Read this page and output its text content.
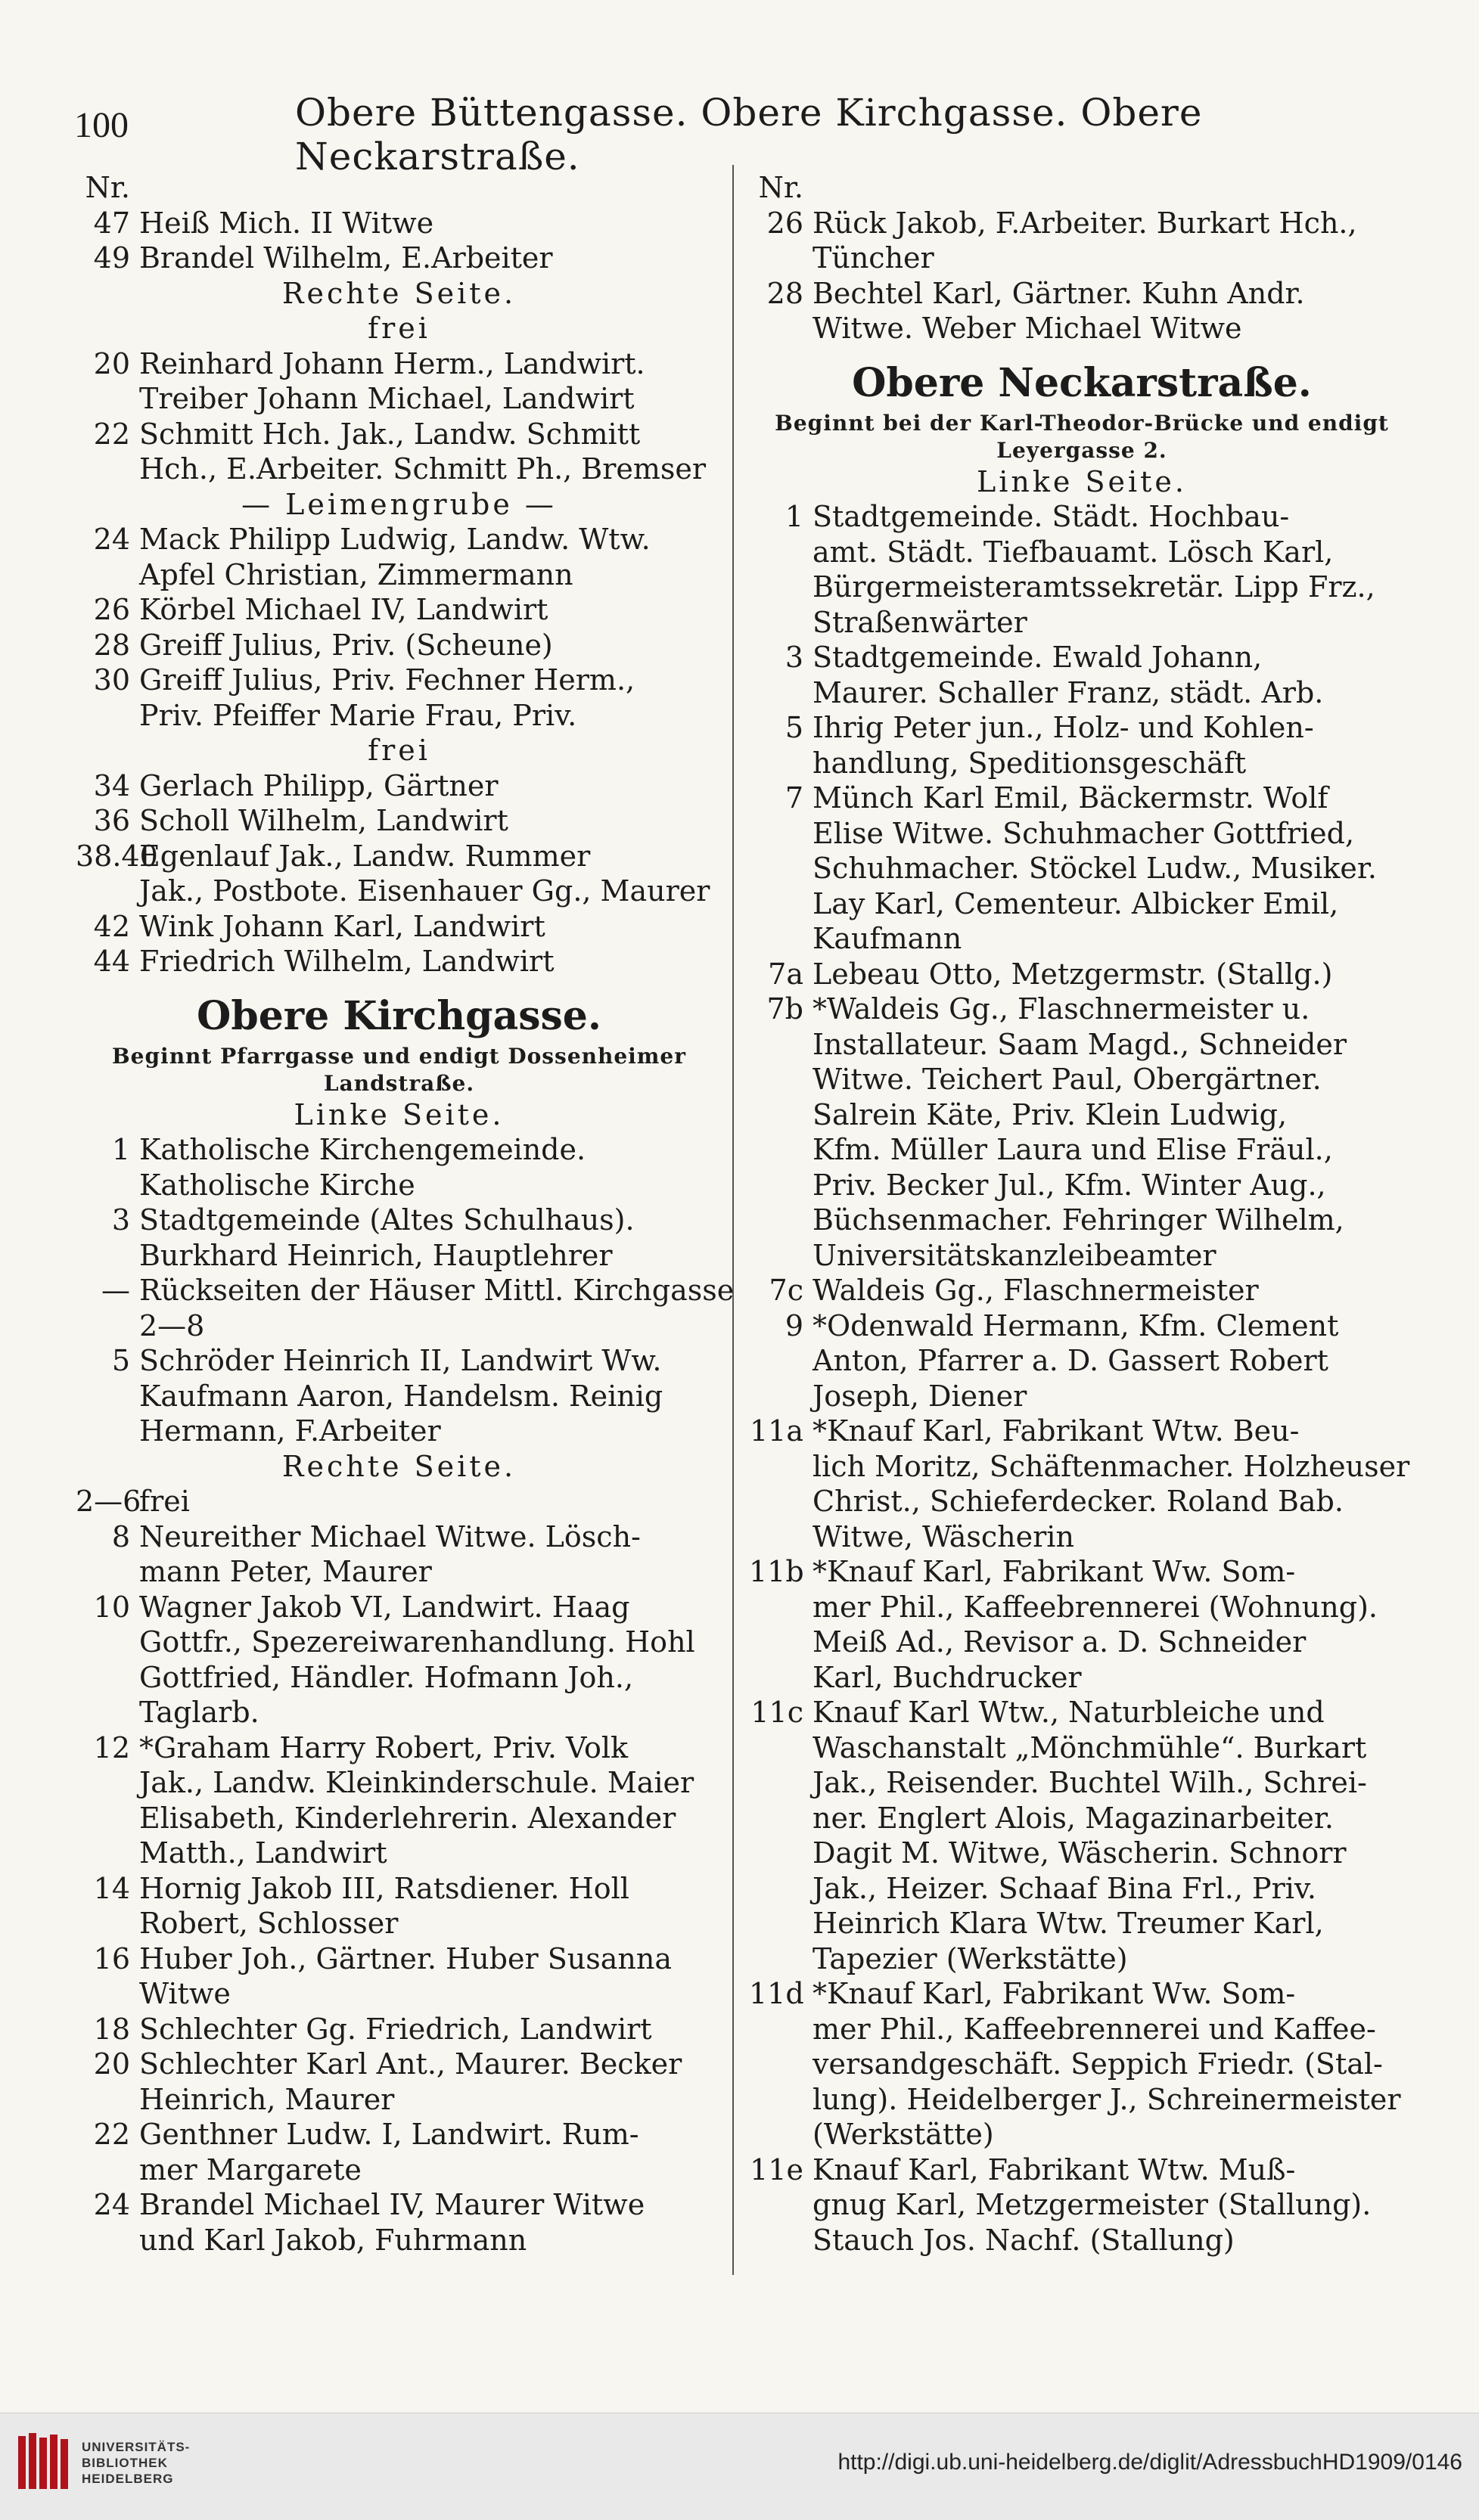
100	Obere Büttengasse. Obere Kirchgasse. Obere Neckarstraße.
Nr.
47 Heiß Mich. II Witwe
49 Brandel Wilhelm, E.Arbeiter
Rechte Seite.
frei
20 Reinhard Johann Herm., Landwirt.
Treiber Johann Michael, Landwirt
22 Schmitt Hch. Jak., Landw. Schmitt
Hch., E.Arbeiter. Schmitt Ph., Bremser
— Leimengrube —
24 Mack Philipp Ludwig, Landw. Wtw.
Apfel Christian, Zimmermann
26 Körbel Michael IV, Landwirt
28 Greiff Julius, Priv. (Scheune)
30 Greiff Julius, Priv. Fechner Herm.,
Priv. Pfeiffer Marie Frau, Priv.
frei
34 Gerlach Philipp, Gärtner
36 Scholl Wilhelm, Landwirt
38.40Egenlauf Jak., Landw. Rummer
Jak., Postbote. Eisenhauer Gg., Maurer
42 Wink Johann Karl, Landwirt
44 Friedrich Wilhelm, Landwirt
Obere Kirchgasse.
Beginnt Pfarrgasse und endigt Dossenheimer
Landstraße.
Linke Seite.
1 Katholische Kirchengemeinde.
Katholische Kirche
3 Stadtgemeinde (Altes Schulhaus).
Burkhard Heinrich, Hauptlehrer
— Rückseiten der Häuser Mittl. Kirchgasse
2—8
5 Schröder Heinrich II, Landwirt Ww.
Kaufmann Aaron, Handelsm. Reinig
Hermann, F.Arbeiter
Rechte Seite.
2—6frei
8 Neureither Michael Witwe. Lösch-
mann Peter, Maurer
10 Wagner Jakob VI, Landwirt. Haag
Gottfr., Spezereiwarenhandlung. Hohl
Gottfried, Händler. Hofmann Joh.,
Taglarb.
12 *Graham Harry Robert, Priv. Volk
Jak., Landw. Kleinkinderschule. Maier
Elisabeth, Kinderlehrerin. Alexander
Matth., Landwirt
14 Hornig Jakob III, Ratsdiener. Holl
Robert, Schlosser
16 Huber Joh., Gärtner. Huber Susanna
Witwe
18 Schlechter Gg. Friedrich, Landwirt
20 Schlechter Karl Ant., Maurer. Becker
Heinrich, Maurer
22 Genthner Ludw. I, Landwirt. Rum-
mer Margarete
24 Brandel Michael IV, Maurer Witwe
und Karl Jakob, Fuhrmann
Nr.
26 Rück Jakob, F.Arbeiter. Burkart Hch.,
Tüncher
28 Bechtel Karl, Gärtner. Kuhn Andr.
Witwe. Weber Michael Witwe
Obere Neckarstraße.
Beginnt bei der Karl-Theodor-Brücke und endigt
Leyergasse 2.
Linke Seite.
1 Stadtgemeinde. Städt. Hochbau-
amt. Städt. Tiefbauamt. Lösch Karl,
Bürgermeisteramtssekretär. Lipp Frz.,
Straßenwärter
3 Stadtgemeinde. Ewald Johann,
Maurer. Schaller Franz, städt. Arb.
5 Ihrig Peter jun., Holz- und Kohlen-
handlung, Speditionsgeschäft
7 Münch Karl Emil, Bäckermstr. Wolf
Elise Witwe. Schuhmacher Gottfried,
Schuhmacher. Stöckel Ludw., Musiker.
Lay Karl, Cementeur. Albicker Emil,
Kaufmann
7a Lebeau Otto, Metzgermstr. (Stallg.)
7b *Waldeis Gg., Flaschnermeister u.
Installateur. Saam Magd., Schneider
Witwe. Teichert Paul, Obergärtner.
Salrein Käte, Priv. Klein Ludwig,
Kfm. Müller Laura und Elise Fräul.,
Priv. Becker Jul., Kfm. Winter Aug.,
Büchsenmacher. Fehringer Wilhelm,
Universitätskanzleibeamter
7c Waldeis Gg., Flaschnermeister
9 *Odenwald Hermann, Kfm. Clement
Anton, Pfarrer a. D. Gassert Robert
Joseph, Diener
11a *Knauf Karl, Fabrikant Wtw. Beu-
lich Moritz, Schäftenmacher. Holzheuser
Christ., Schieferdecker. Roland Bab.
Witwe, Wäscherin
11b *Knauf Karl, Fabrikant Ww. Som-
mer Phil., Kaffeebrennerei (Wohnung).
Meiß Ad., Revisor a. D. Schneider
Karl, Buchdrucker
11c Knauf Karl Wtw., Naturbleiche und
Waschanstalt „Mönchmühle“. Burkart
Jak., Reisender. Buchtel Wilh., Schrei-
ner. Englert Alois, Magazinarbeiter.
Dagit M. Witwe, Wäscherin. Schnorr
Jak., Heizer. Schaaf Bina Frl., Priv.
Heinrich Klara Wtw. Treumer Karl,
Tapezier (Werkstätte)
11d *Knauf Karl, Fabrikant Ww. Som-
mer Phil., Kaffeebrennerei und Kaffee-
versandgeschäft. Seppich Friedr. (Stal-
lung). Heidelberger J., Schreinermeister
(Werkstätte)
11e Knauf Karl, Fabrikant Wtw. Muß-
gnug Karl, Metzgermeister (Stallung).
Stauch Jos. Nachf. (Stallung)
UNIVERSITÄTS-
BIBLIOTHEK
HEIDELBERG
http://digi.ub.uni-heidelberg.de/diglit/AdressbuchHD1909/0146
